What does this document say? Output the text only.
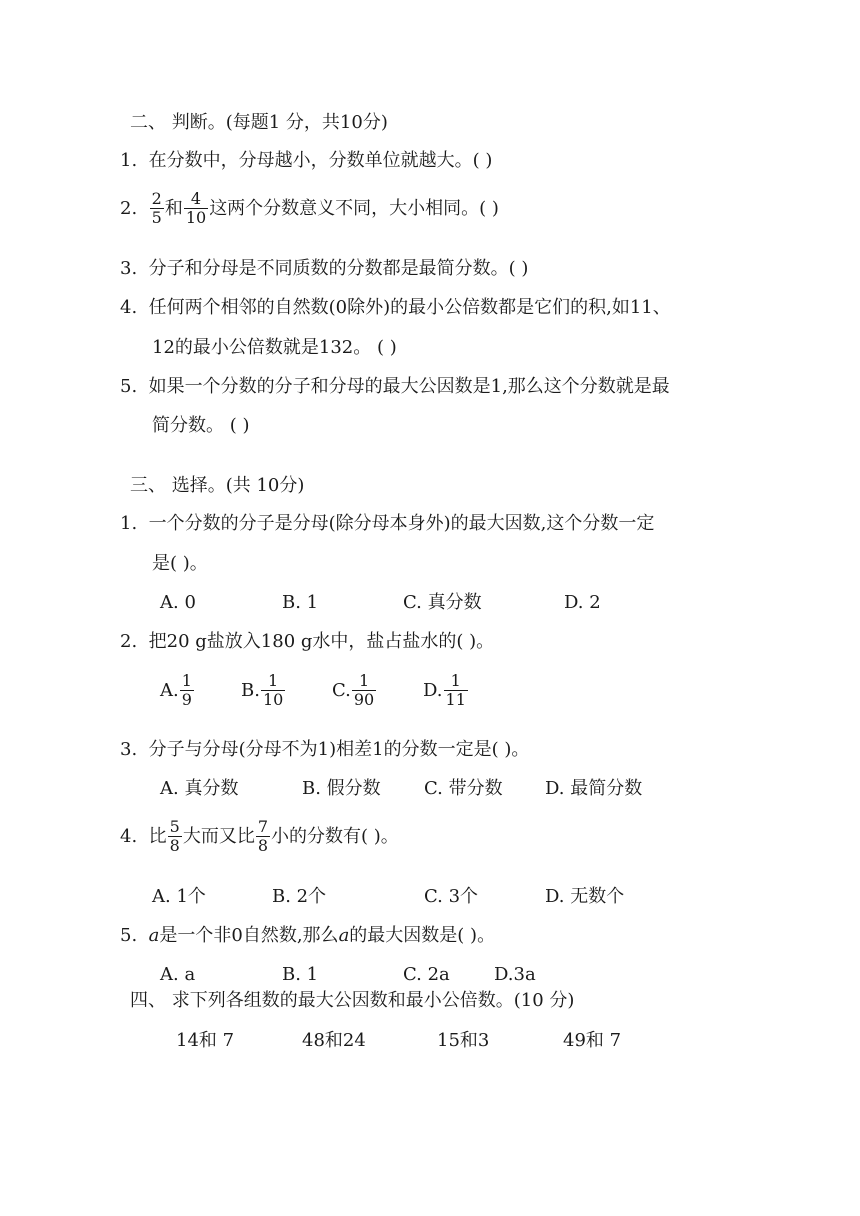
二、 判断。(每题1 分，共10分)
1. 在分数中，分母越小，分数单位就越大。( )
2.
$\frac{2}{5}$ 和 $\frac{4}{10}$ 这两个分数意义不同，大小相同。( )
3. 分子和分母是不同质数的分数都是最简分数。( )
4. 任何两个相邻的自然数(0除外)的最小公倍数都是它们的积,如11、
12的最小公倍数就是132。 ( )
5. 如果一个分数的分子和分母的最大公因数是1,那么这个分数就是最
简分数。 ( )
三、 选择。(共 10分)
1. 一个分数的分子是分母(除分母本身外)的最大因数,这个分数一定
是( )。
A. 0	B. 1	C. 真分数	D. 2
2. 把20 g盐放入180 g水中，盐占盐水的( )。
A. $\frac{1}{9}$	B. $\frac{1}{10}$	C. $\frac{1}{90}$	D. $\frac{1}{11}$
3. 分子与分母(分母不为1)相差1的分数一定是( )。
A. 真分数	B. 假分数 C. 带分数 D. 最简分数
4.
比 $\frac{5}{8}$ 大而又比 $\frac{7}{8}$ 小的分数有( )。
A. 1个	B. 2个	C. 3个	D. 无数个
5. a是一个非0自然数,那么a的最大因数是( )。
A. a	B. 1	C. 2a D.3a
四、 求下列各组数的最大公因数和最小公倍数。(10 分)
14和 7	48和24	15和3	49和 7
